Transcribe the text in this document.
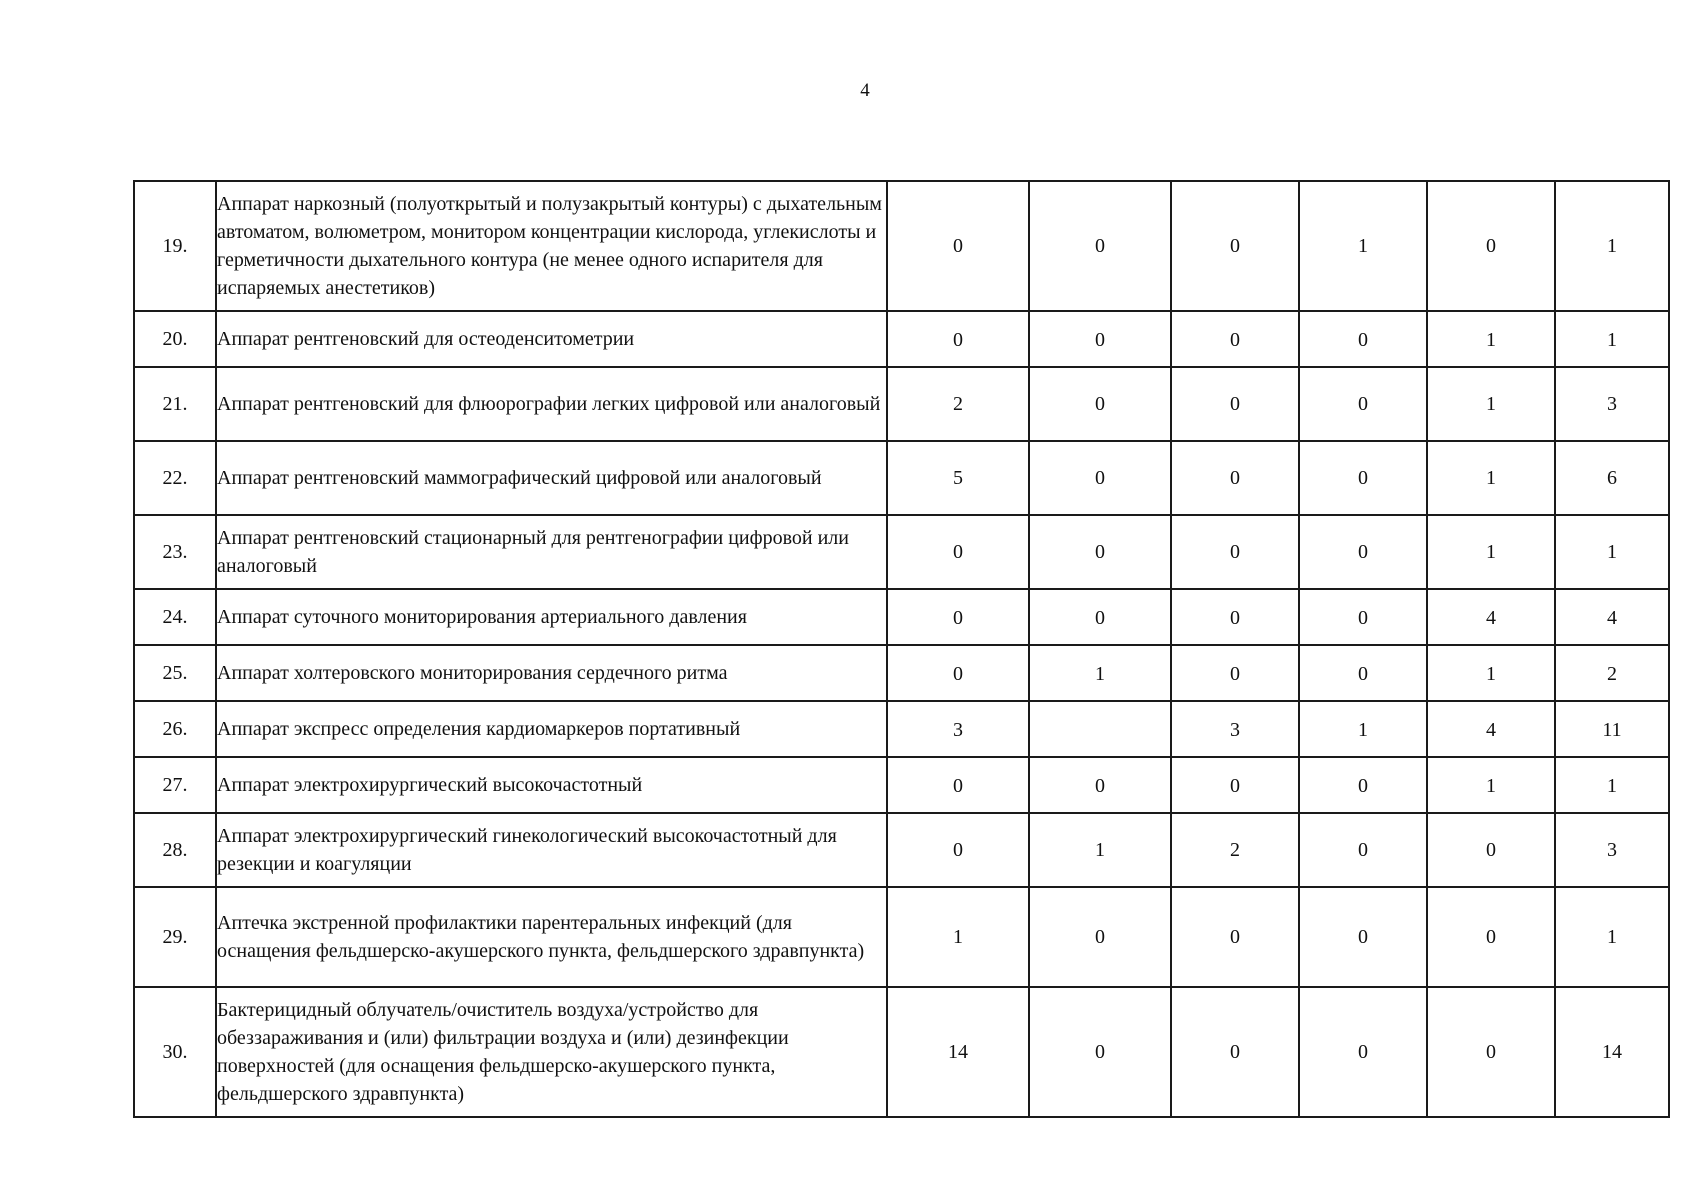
4
19.	Аппарат наркозный (полуоткрытый и полузакрытый контуры) с дыхательным автоматом, волюметром, монитором концентрации кислорода, углекислоты и герметичности дыхательного контура (не менее одного испарителя для испаряемых анестетиков)	0	0	0	1	0	1
20.	Аппарат рентгеновский для остеоденситометрии	0	0	0	0	1	1
21.	Аппарат рентгеновский для флюорографии легких цифровой или аналоговый	2	0	0	0	1	3
22.	Аппарат рентгеновский маммографический цифровой или аналоговый	5	0	0	0	1	6
23.	Аппарат рентгеновский стационарный для рентгенографии цифровой или аналоговый	0	0	0	0	1	1
24.	Аппарат суточного мониторирования артериального давления	0	0	0	0	4	4
25.	Аппарат холтеровского мониторирования сердечного ритма	0	1	0	0	1	2
26.	Аппарат экспресс определения кардиомаркеров портативный	3		3	1	4	11
27.	Аппарат электрохирургический высокочастотный	0	0	0	0	1	1
28.	Аппарат электрохирургический гинекологический высокочастотный для резекции и коагуляции	0	1	2	0	0	3
29.	Аптечка экстренной профилактики парентеральных инфекций (для оснащения фельдшерско-акушерского пункта, фельдшерского здравпункта)	1	0	0	0	0	1
30.	Бактерицидный облучатель/очиститель воздуха/устройство для обеззараживания и (или) фильтрации воздуха и (или) дезинфекции поверхностей (для оснащения фельдшерско-акушерского пункта, фельдшерского здравпункта)	14	0	0	0	0	14
